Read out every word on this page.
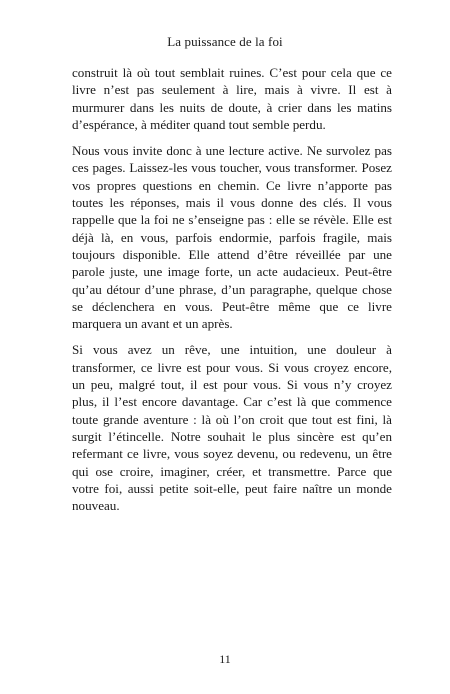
La puissance de la foi

construit là où tout semblait ruines. C’est pour cela que ce livre n’est pas seulement à lire, mais à vivre. Il est à murmurer dans les nuits de doute, à crier dans les matins d’espérance, à méditer quand tout semble perdu.

Nous vous invite donc à une lecture active. Ne survolez pas ces pages. Laissez-les vous toucher, vous transformer. Posez vos propres questions en chemin. Ce livre n’apporte pas toutes les réponses, mais il vous donne des clés. Il vous rappelle que la foi ne s’enseigne pas : elle se révèle. Elle est déjà là, en vous, parfois endormie, parfois fragile, mais toujours disponible. Elle attend d’être réveillée par une parole juste, une image forte, un acte audacieux. Peut-être qu’au détour d’une phrase, d’un paragraphe, quelque chose se déclenchera en vous. Peut-être même que ce livre marquera un avant et un après.

Si vous avez un rêve, une intuition, une douleur à transformer, ce livre est pour vous. Si vous croyez encore, un peu, malgré tout, il est pour vous. Si vous n’y croyez plus, il l’est encore davantage. Car c’est là que commence toute grande aventure : là où l’on croit que tout est fini, là surgit l’étincelle. Notre souhait le plus sincère est qu’en refermant ce livre, vous soyez devenu, ou redevenu, un être qui ose croire, imaginer, créer, et transmettre. Parce que votre foi, aussi petite soit-elle, peut faire naître un monde nouveau.

11
